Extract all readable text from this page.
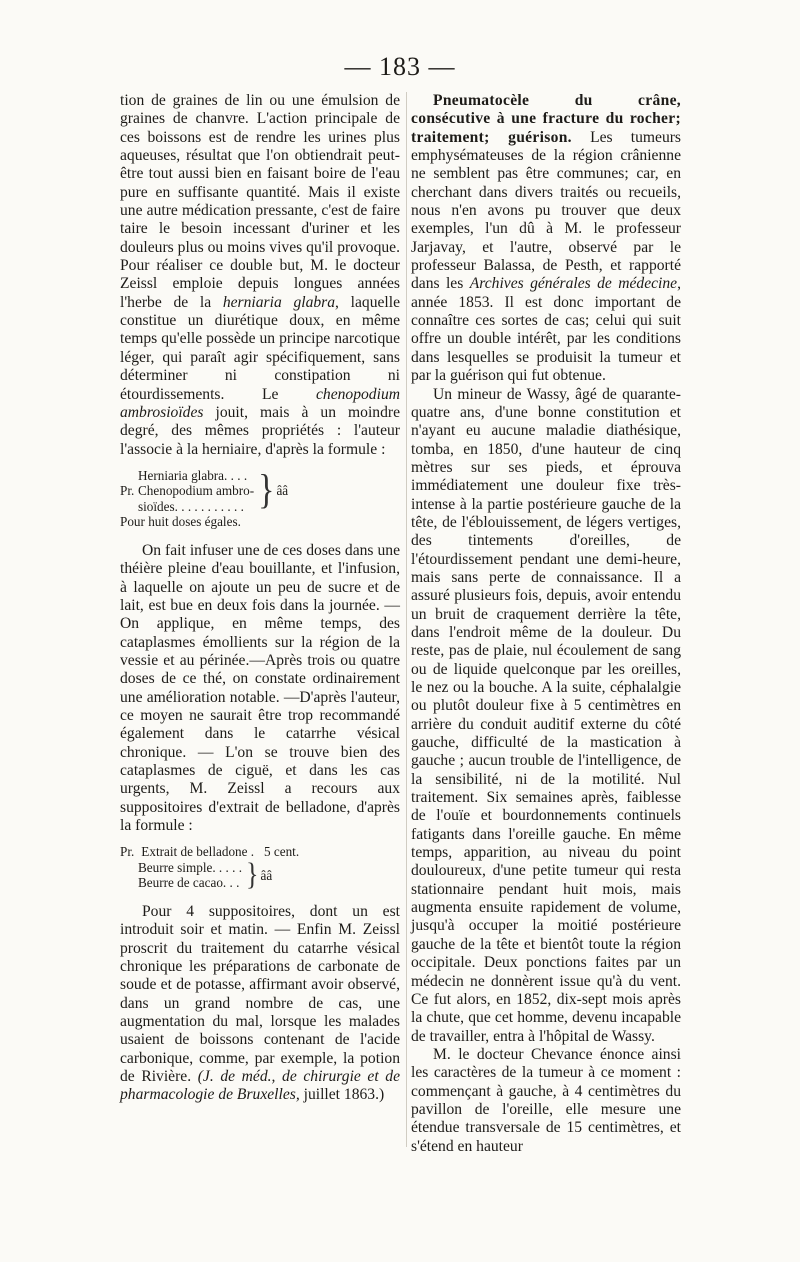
— 183 —

tion de graines de lin ou une émulsion de graines de chanvre. L'action principale de ces boissons est de rendre les urines plus aqueuses, résultat que l'on obtiendrait peut-être tout aussi bien en faisant boire de l'eau pure en suffisante quantité. Mais il existe une autre médication pressante, c'est de faire taire le besoin incessant d'uriner et les douleurs plus ou moins vives qu'il provoque. Pour réaliser ce double but, M. le docteur Zeissl emploie depuis longues années l'herbe de la herniaria glabra, laquelle constitue un diurétique doux, en même temps qu'elle possède un principe narcotique léger, qui paraît agir spécifiquement, sans déterminer ni constipation ni étourdissements. Le chenopodium ambrosioïdes jouit, mais à un moindre degré, des mêmes propriétés : l'auteur l'associe à la herniaire, d'après la formule :

Pr.
Herniaria glabra. . . .
Chenopodium ambro-
sioïdes. . . . . . . . . . . } ââ
Pour huit doses égales.

On fait infuser une de ces doses dans une théière pleine d'eau bouillante, et l'infusion, à laquelle on ajoute un peu de sucre et de lait, est bue en deux fois dans la journée. — On applique, en même temps, des cataplasmes émollients sur la région de la vessie et au périnée.—Après trois ou quatre doses de ce thé, on constate ordinairement une amélioration notable. —D'après l'auteur, ce moyen ne saurait être trop recommandé également dans le catarrhe vésical chronique. — L'on se trouve bien des cataplasmes de ciguë, et dans les cas urgents, M. Zeissl a recours aux suppositoires d'extrait de belladone, d'après la formule :

Pr. Extrait de belladone . 5 cent.
Beurre simple. . . . .
Beurre de cacao. . . } ââ

Pour 4 suppositoires, dont un est introduit soir et matin. — Enfin M. Zeissl proscrit du traitement du catarrhe vésical chronique les préparations de carbonate de soude et de potasse, affirmant avoir observé, dans un grand nombre de cas, une augmentation du mal, lorsque les malades usaient de boissons contenant de l'acide carbonique, comme, par exemple, la potion de Rivière. (J. de méd., de chirurgie et de pharmacologie de Bruxelles, juillet 1863.)

Pneumatocèle du crâne, consécutive à une fracture du rocher; traitement; guérison. Les tumeurs emphysémateuses de la région crânienne ne semblent pas être communes; car, en cherchant dans divers traités ou recueils, nous n'en avons pu trouver que deux exemples, l'un dû à M. le professeur Jarjavay, et l'autre, observé par le professeur Balassa, de Pesth, et rapporté dans les Archives générales de médecine, année 1853. Il est donc important de connaître ces sortes de cas; celui qui suit offre un double intérêt, par les conditions dans lesquelles se produisit la tumeur et par la guérison qui fut obtenue.

Un mineur de Wassy, âgé de quarante-quatre ans, d'une bonne constitution et n'ayant eu aucune maladie diathésique, tomba, en 1850, d'une hauteur de cinq mètres sur ses pieds, et éprouva immédiatement une douleur fixe très-intense à la partie postérieure gauche de la tête, de l'éblouissement, de légers vertiges, des tintements d'oreilles, de l'étourdissement pendant une demi-heure, mais sans perte de connaissance. Il a assuré plusieurs fois, depuis, avoir entendu un bruit de craquement derrière la tête, dans l'endroit même de la douleur. Du reste, pas de plaie, nul écoulement de sang ou de liquide quelconque par les oreilles, le nez ou la bouche. A la suite, céphalalgie ou plutôt douleur fixe à 5 centimètres en arrière du conduit auditif externe du côté gauche, difficulté de la mastication à gauche ; aucun trouble de l'intelligence, de la sensibilité, ni de la motilité. Nul traitement. Six semaines après, faiblesse de l'ouïe et bourdonnements continuels fatigants dans l'oreille gauche. En même temps, apparition, au niveau du point douloureux, d'une petite tumeur qui resta stationnaire pendant huit mois, mais augmenta ensuite rapidement de volume, jusqu'à occuper la moitié postérieure gauche de la tête et bientôt toute la région occipitale. Deux ponctions faites par un médecin ne donnèrent issue qu'à du vent. Ce fut alors, en 1852, dix-sept mois après la chute, que cet homme, devenu incapable de travailler, entra à l'hôpital de Wassy.

M. le docteur Chevance énonce ainsi les caractères de la tumeur à ce moment : commençant à gauche, à 4 centimètres du pavillon de l'oreille, elle mesure une étendue transversale de 15 centimètres, et s'étend en hauteur
